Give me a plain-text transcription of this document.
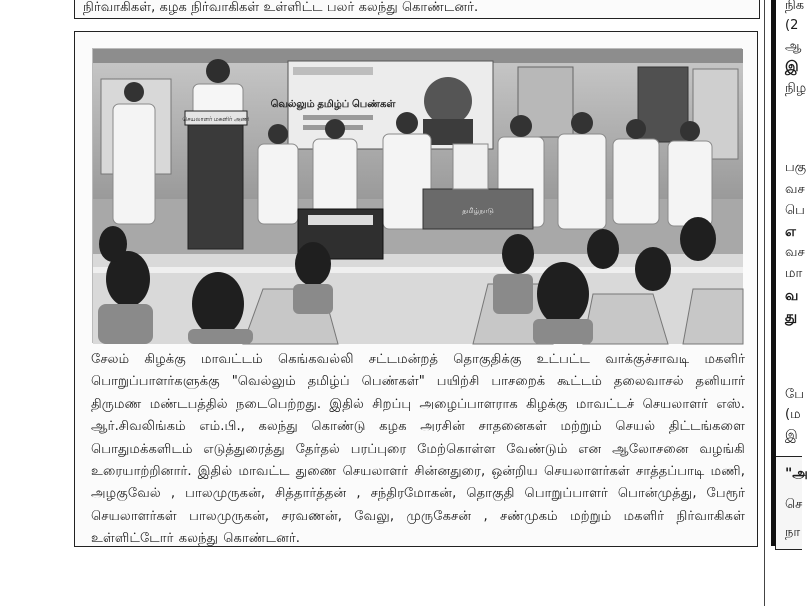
நிர்வாகிகள், கழக நிர்வாகிகள் உள்ளிட்ட பலர் கலந்து கொண்டனர்.
வெல்லும் தமிழ்ப் பெண்கள்
செயலாளர் மகளிர் அணி
தமிழ்நாடு
சேலம் கிழக்கு மாவட்டம் கெங்கவல்லி சட்டமன்றத் தொகுதிக்கு உட்பட்ட வாக்குச்சாவடி மகளிர் பொறுப்பாளர்களுக்கு "வெல்லும் தமிழ்ப் பெண்கள்" பயிற்சி பாசறைக் கூட்டம் தலைவாசல் தனியார் திருமண மண்டபத்தில் நடைபெற்றது. இதில் சிறப்பு அழைப்பாளராக கிழக்கு மாவட்டச் செயலாளர் எஸ். ஆர்.சிவலிங்கம் எம்.பி., கலந்து கொண்டு கழக அரசின் சாதனைகள் மற்றும் செயல் திட்டங்களை பொதுமக்களிடம் எடுத்துரைத்து தேர்தல் பரப்புரை மேற்கொள்ள வேண்டும் என ஆலோசனை வழங்கி உரையாற்றினார். இதில் மாவட்ட துணை செயலாளர் சின்னதுரை, ஒன்றிய செயலாளர்கள் சாத்தப்பாடி மணி, அழகுவேல் , பாலமுருகன், சித்தார்த்தன் , சந்திரமோகன், தொகுதி பொறுப்பாளர் பொன்முத்து, பேரூர் செயலாளர்கள் பாலமுருகன், சரவணன், வேலு, முருகேசன் , சண்முகம் மற்றும் மகளிர் நிர்வாகிகள் உள்ளிட்டோர் கலந்து கொண்டனர்.
நிக
(2
ஆ
இ
நிழ
பகு
வச
பெ
எ
வச
மா
வ
து
பே
(ம
இ
"அ
செ
நா
